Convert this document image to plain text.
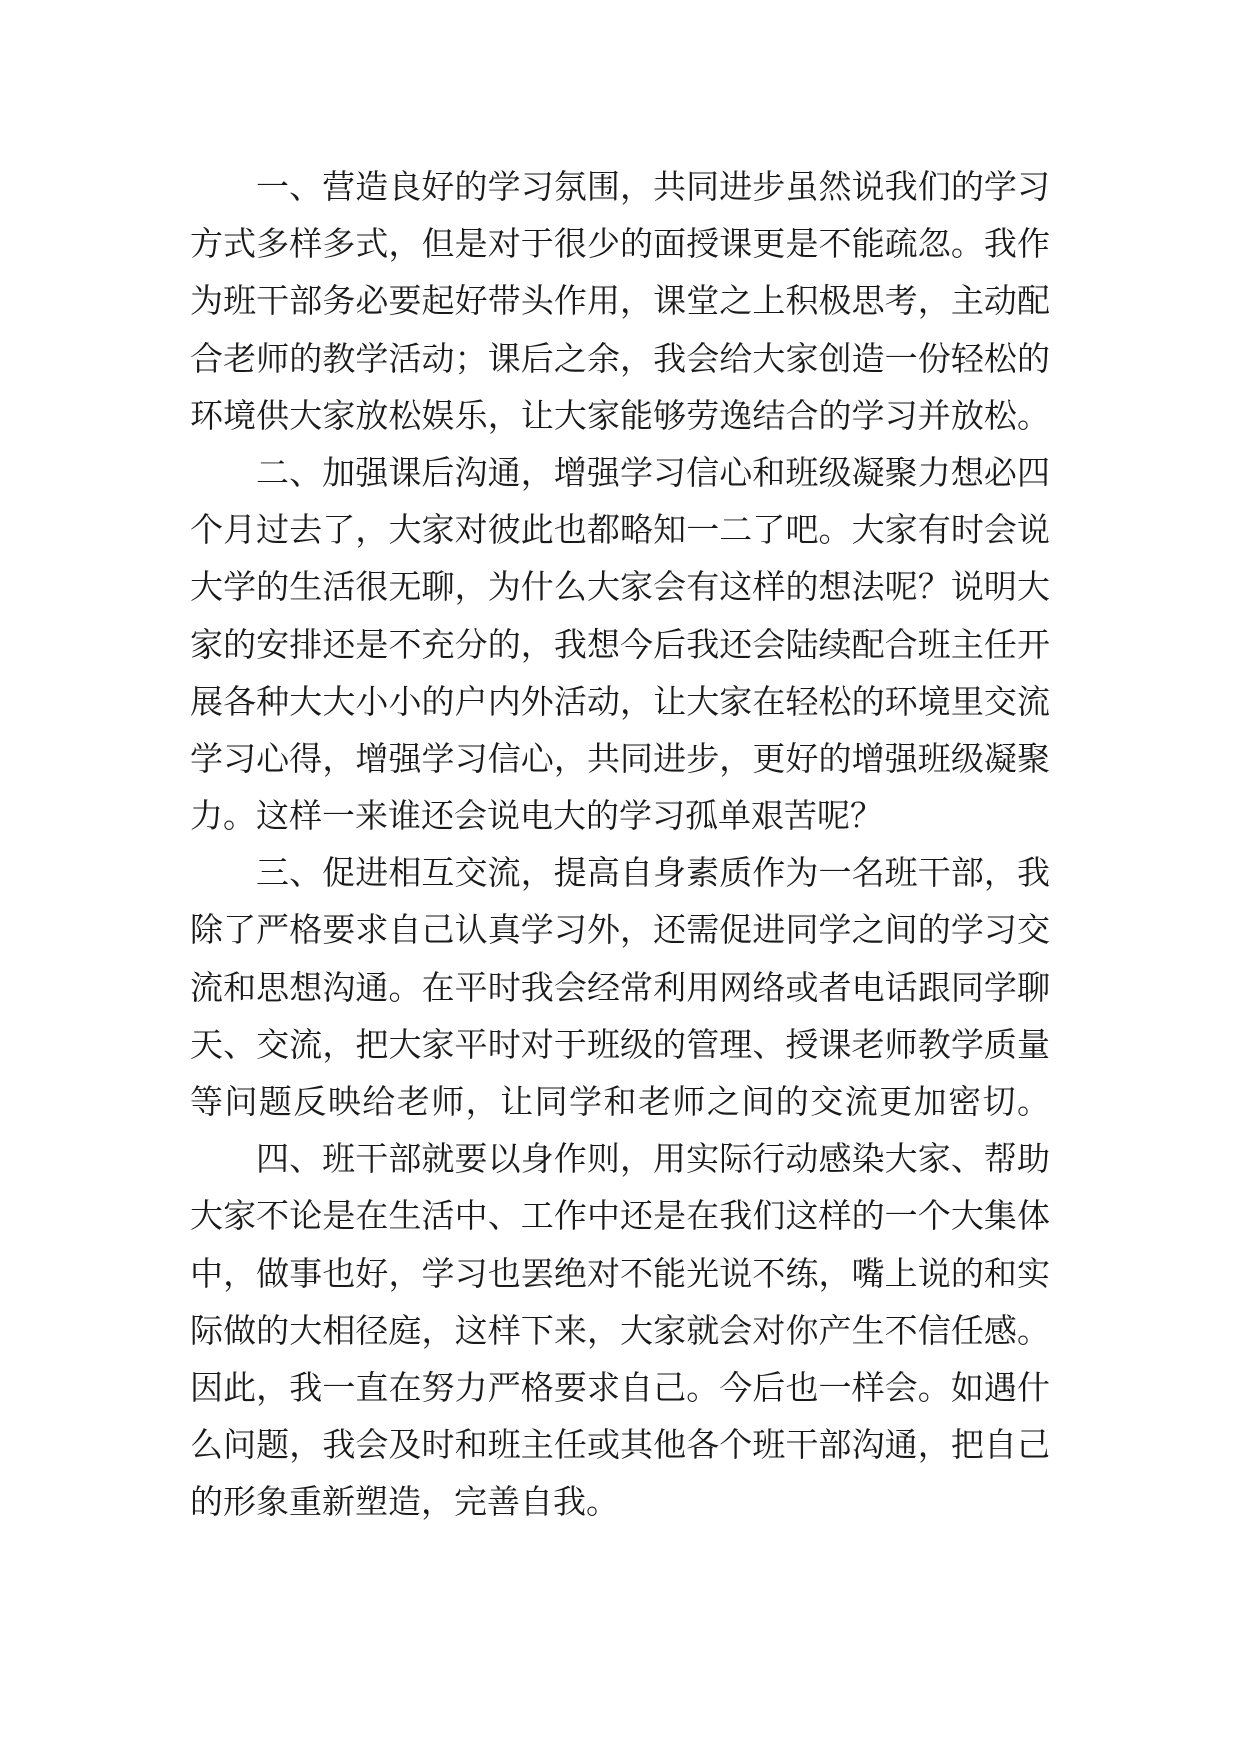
一、营造良好的学习氛围，共同进步虽然说我们的学习
方式多样多式，但是对于很少的面授课更是不能疏忽。我作
为班干部务必要起好带头作用，课堂之上积极思考，主动配
合老师的教学活动；课后之余，我会给大家创造一份轻松的
环境供大家放松娱乐，让大家能够劳逸结合的学习并放松。
二、加强课后沟通，增强学习信心和班级凝聚力想必四
个月过去了，大家对彼此也都略知一二了吧。大家有时会说
大学的生活很无聊，为什么大家会有这样的想法呢？说明大
家的安排还是不充分的，我想今后我还会陆续配合班主任开
展各种大大小小的户内外活动，让大家在轻松的环境里交流
学习心得，增强学习信心，共同进步，更好的增强班级凝聚
力。这样一来谁还会说电大的学习孤单艰苦呢？
三、促进相互交流，提高自身素质作为一名班干部，我
除了严格要求自己认真学习外，还需促进同学之间的学习交
流和思想沟通。在平时我会经常利用网络或者电话跟同学聊
天、交流，把大家平时对于班级的管理、授课老师教学质量
等问题反映给老师，让同学和老师之间的交流更加密切。
四、班干部就要以身作则，用实际行动感染大家、帮助
大家不论是在生活中、工作中还是在我们这样的一个大集体
中，做事也好，学习也罢绝对不能光说不练，嘴上说的和实
际做的大相径庭，这样下来，大家就会对你产生不信任感。
因此，我一直在努力严格要求自己。今后也一样会。如遇什
么问题，我会及时和班主任或其他各个班干部沟通，把自己
的形象重新塑造，完善自我。
